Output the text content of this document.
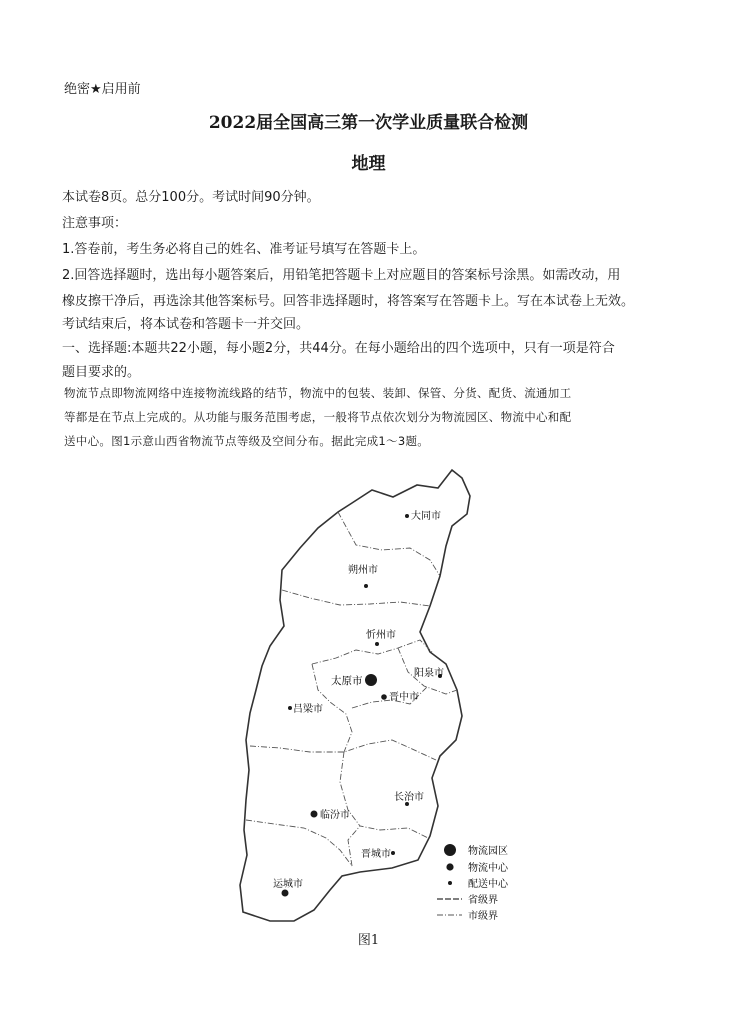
绝密★启用前
2022届全国高三第一次学业质量联合检测
地理
本试卷8页。总分100分。考试时间90分钟。
注意事项：
1.答卷前，考生务必将自己的姓名、准考证号填写在答题卡上。
2.回答选择题时，选出每小题答案后，用铅笔把答题卡上对应题目的答案标号涂黑。如需改动，用
橡皮擦干净后，再选涂其他答案标号。回答非选择题时，将答案写在答题卡上。写在本试卷上无效。
考试结束后，将本试卷和答题卡一并交回。
一、选择题:本题共22小题，每小题2分，共44分。在每小题给出的四个选项中，只有一项是符合
题目要求的。
物流节点即物流网络中连接物流线路的结节，物流中的包装、装卸、保管、分货、配货、流通加工
等都是在节点上完成的。从功能与服务范围考虑，一般将节点依次划分为物流园区、物流中心和配
送中心。图1示意山西省物流节点等级及空间分布。据此完成1～3题。
大同市
朔州市
忻州市
太原市
阳泉市
晋中市
吕梁市
长治市
临汾市
晋城市
运城市
物流园区
物流中心
配送中心
省级界
市级界
图1
